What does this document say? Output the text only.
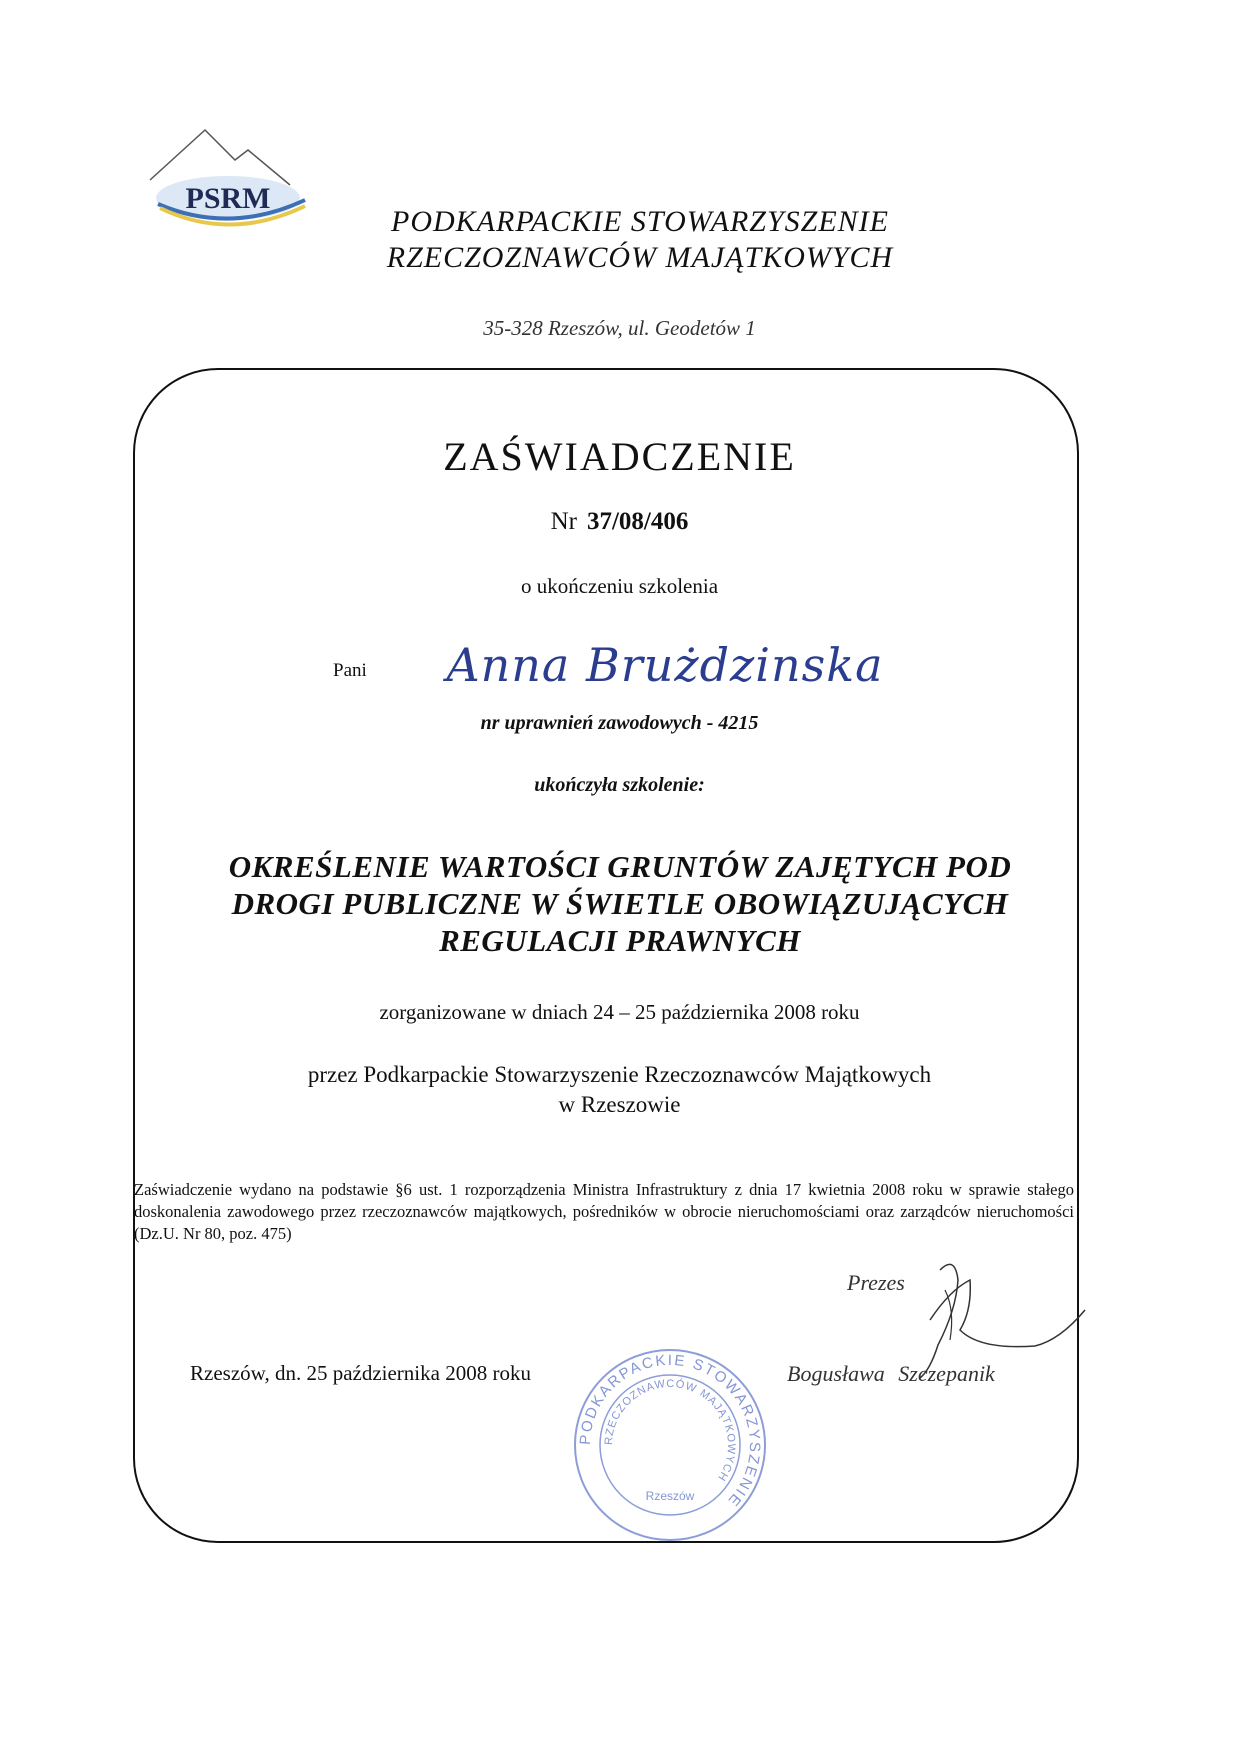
PSRM
PODKARPACKIE STOWARZYSZENIE
RZECZOZNAWCÓW MAJĄTKOWYCH
35-328 Rzeszów, ul. Geodetów 1
ZAŚWIADCZENIE
Nr 37/08/406
o ukończeniu szkolenia
Pani	Anna Brużdzinska
nr uprawnień zawodowych - 4215
ukończyła szkolenie:
OKREŚLENIE WARTOŚCI GRUNTÓW ZAJĘTYCH POD
DROGI PUBLICZNE W ŚWIETLE OBOWIĄZUJĄCYCH
REGULACJI PRAWNYCH
zorganizowane w dniach 24 – 25 października 2008 roku
przez Podkarpackie Stowarzyszenie Rzeczoznawców Majątkowych
w Rzeszowie
Zaświadczenie wydano na podstawie §6 ust. 1 rozporządzenia Ministra Infrastruktury z dnia 17 kwietnia 2008 roku w sprawie stałego doskonalenia zawodowego przez rzeczoznawców majątkowych, pośredników w obrocie nieruchomościami oraz zarządców nieruchomości (Dz.U. Nr 80, poz. 475)
Rzeszów, dn. 25 października 2008 roku
Prezes
Bogusława Szczepanik
PODKARPACKIE STOWARZYSZENIE
RZECZOZNAWCÓW MAJĄTKOWYCH
Rzeszów
